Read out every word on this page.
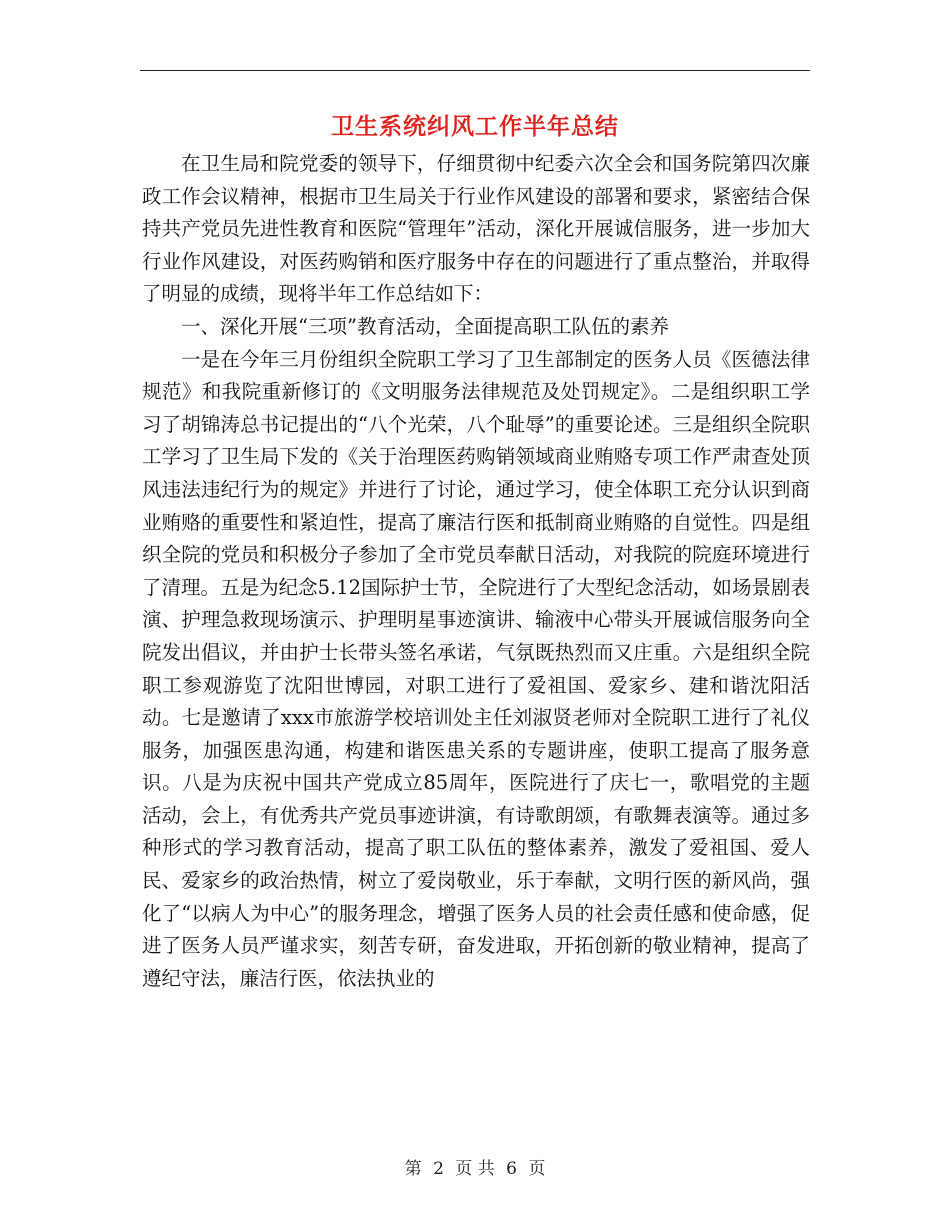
卫生系统纠风工作半年总结

在卫生局和院党委的领导下，仔细贯彻中纪委六次全会和国务院第四次廉政工作会议精神，根据市卫生局关于行业作风建设的部署和要求，紧密结合保持共产党员先进性教育和医院“管理年”活动，深化开展诚信服务，进一步加大行业作风建设，对医药购销和医疗服务中存在的问题进行了重点整治，并取得了明显的成绩，现将半年工作总结如下：

一、深化开展“三项”教育活动，全面提高职工队伍的素养

一是在今年三月份组织全院职工学习了卫生部制定的医务人员《医德法律规范》和我院重新修订的《文明服务法律规范及处罚规定》。二是组织职工学习了胡锦涛总书记提出的“八个光荣，八个耻辱”的重要论述。三是组织全院职工学习了卫生局下发的《关于治理医药购销领域商业贿赂专项工作严肃查处顶风违法违纪行为的规定》并进行了讨论，通过学习，使全体职工充分认识到商业贿赂的重要性和紧迫性，提高了廉洁行医和抵制商业贿赂的自觉性。四是组织全院的党员和积极分子参加了全市党员奉献日活动，对我院的院庭环境进行了清理。五是为纪念5.12国际护士节，全院进行了大型纪念活动，如场景剧表演、护理急救现场演示、护理明星事迹演讲、输液中心带头开展诚信服务向全院发出倡议，并由护士长带头签名承诺，气氛既热烈而又庄重。六是组织全院职工参观游览了沈阳世博园，对职工进行了爱祖国、爱家乡、建和谐沈阳活动。七是邀请了xxx市旅游学校培训处主任刘淑贤老师对全院职工进行了礼仪服务，加强医患沟通，构建和谐医患关系的专题讲座，使职工提高了服务意识。八是为庆祝中国共产党成立85周年，医院进行了庆七一，歌唱党的主题活动，会上，有优秀共产党员事迹讲演，有诗歌朗颂，有歌舞表演等。通过多种形式的学习教育活动，提高了职工队伍的整体素养，激发了爱祖国、爱人民、爱家乡的政治热情，树立了爱岗敬业，乐于奉献，文明行医的新风尚，强化了“以病人为中心”的服务理念，增强了医务人员的社会责任感和使命感，促进了医务人员严谨求实，刻苦专研，奋发进取，开拓创新的敬业精神，提高了遵纪守法，廉洁行医，依法执业的

第 2 页 共 6 页
